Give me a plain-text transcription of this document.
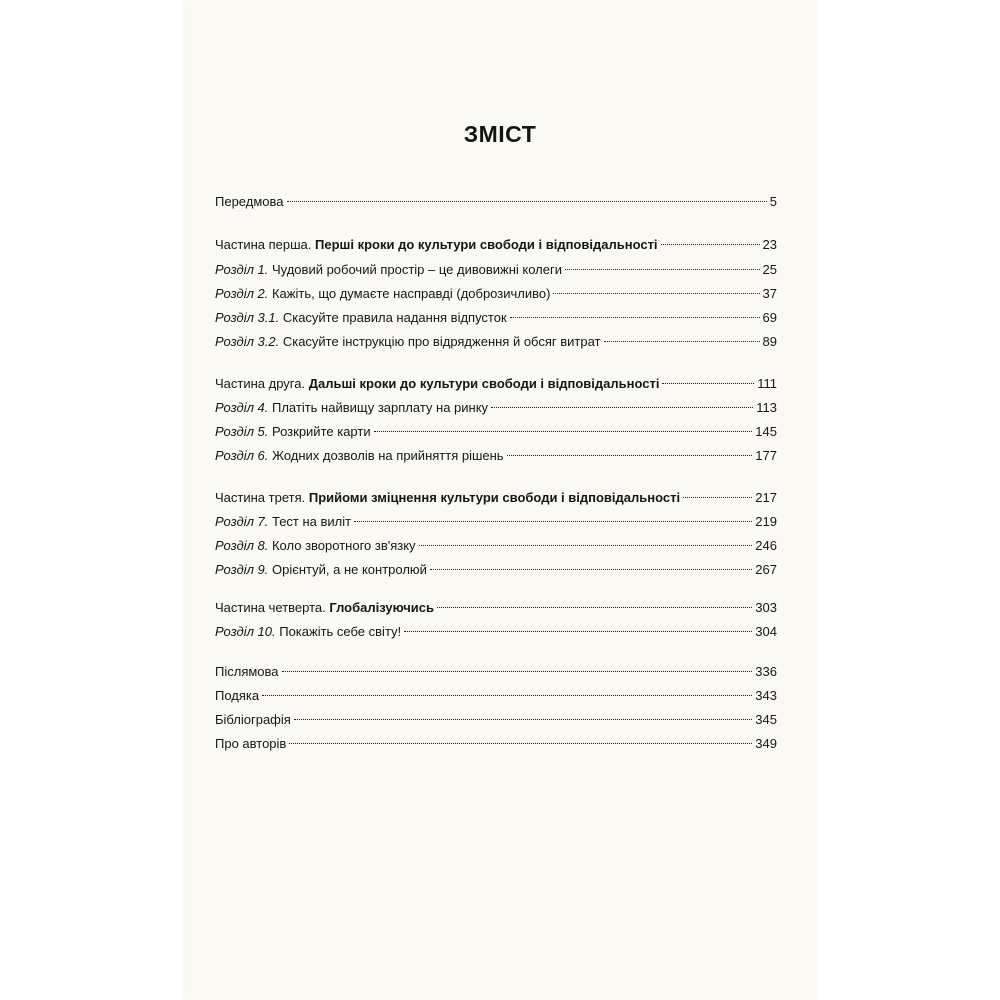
ЗМІСТ
Передмова	5
Частина перша. Перші кроки до культури свободи і відповідальності	23
Розділ 1. Чудовий робочий простір – це дивовижні колеги	25
Розділ 2. Кажіть, що думаєте насправді (доброзичливо)	37
Розділ 3.1. Скасуйте правила надання відпусток	69
Розділ 3.2. Скасуйте інструкцію про відрядження й обсяг витрат	89
Частина друга. Дальші кроки до культури свободи і відповідальності	111
Розділ 4. Платіть найвищу зарплату на ринку	113
Розділ 5. Розкрийте карти	145
Розділ 6. Жодних дозволів на прийняття рішень	177
Частина третя. Прийоми зміцнення культури свободи і відповідальності	217
Розділ 7. Тест на виліт	219
Розділ 8. Коло зворотного зв'язку	246
Розділ 9. Орієнтуй, а не контролюй	267
Частина четверта. Глобалізуючись	303
Розділ 10. Покажіть себе світу!	304
Післямова	336
Подяка	343
Бібліографія	345
Про авторів	349
